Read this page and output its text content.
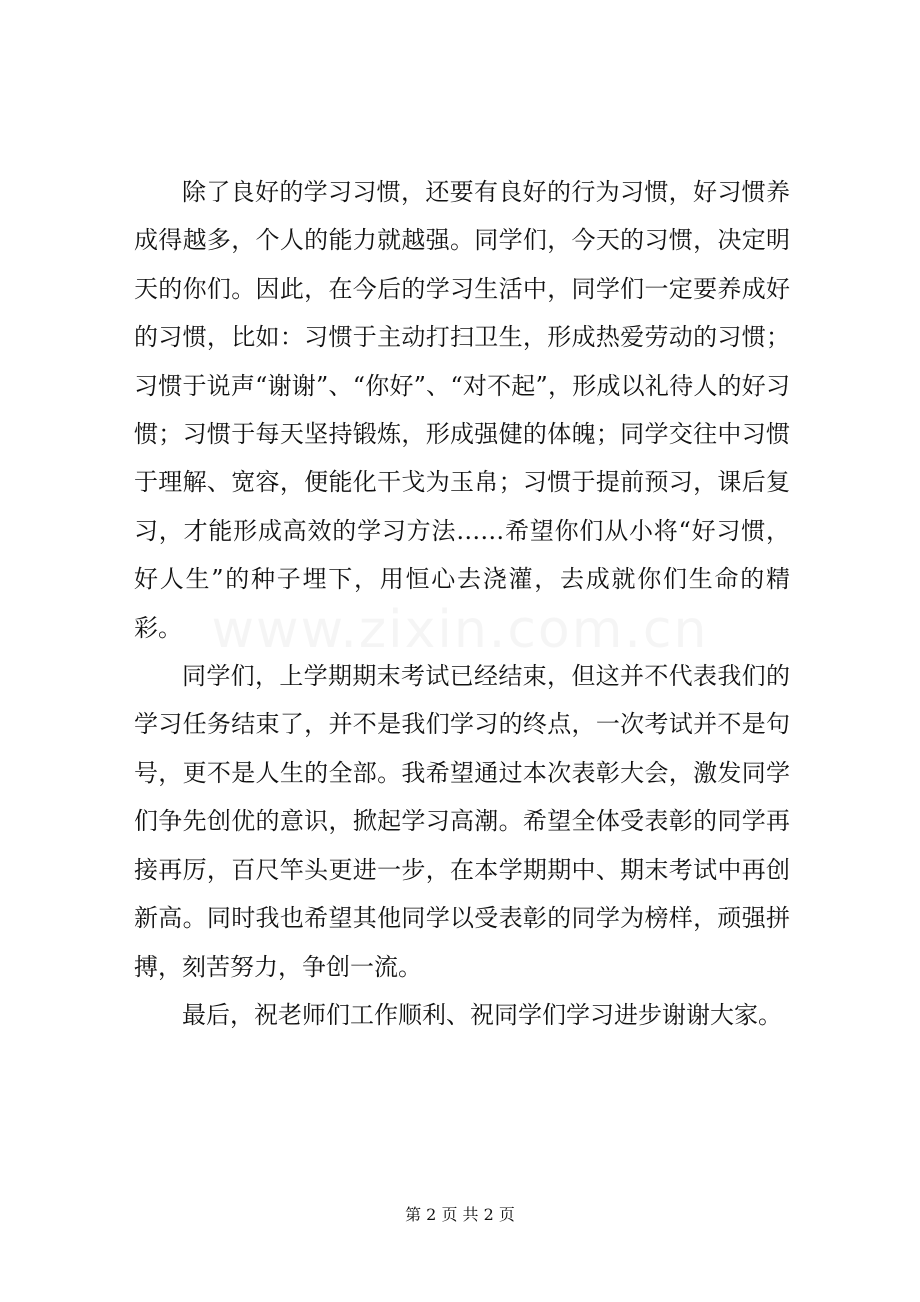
www.zixin.com.cn

除了良好的学习习惯，还要有良好的行为习惯，好习惯养成得越多，个人的能力就越强。同学们，今天的习惯，决定明天的你们。因此，在今后的学习生活中，同学们一定要养成好的习惯，比如：习惯于主动打扫卫生，形成热爱劳动的习惯；习惯于说声“谢谢”、“你好”、“对不起”，形成以礼待人的好习惯；习惯于每天坚持锻炼，形成强健的体魄；同学交往中习惯于理解、宽容，便能化干戈为玉帛；习惯于提前预习，课后复习，才能形成高效的学习方法……希望你们从小将“好习惯，好人生”的种子埋下，用恒心去浇灌，去成就你们生命的精彩。

同学们，上学期期末考试已经结束，但这并不代表我们的学习任务结束了，并不是我们学习的终点，一次考试并不是句号，更不是人生的全部。我希望通过本次表彰大会，激发同学们争先创优的意识，掀起学习高潮。希望全体受表彰的同学再接再厉，百尺竿头更进一步，在本学期期中、期末考试中再创新高。同时我也希望其他同学以受表彰的同学为榜样，顽强拼搏，刻苦努力，争创一流。

最后，祝老师们工作顺利、祝同学们学习进步谢谢大家。

第 2 页 共 2 页
